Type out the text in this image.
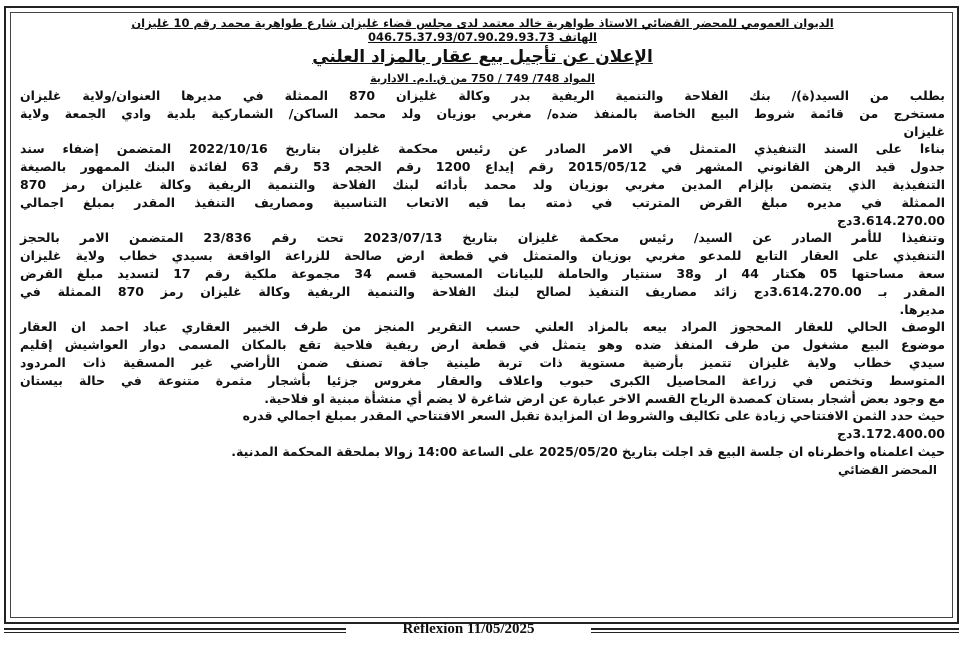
الديوان العمومي للمحضر القضائي الاستاذ طواهرية خالد معتمد لدى مجلس قضاء غليزان شارع طواهرية محمد رقم 10 غليزان

الهاتف 046.75.37.93/07.90.29.93.73

الإعلان عن تأجيل بيع عقار بالمزاد العلني

المواد 748/ 749 / 750 من ق.ا.م. الادارية

بطلب من السيد(ة)/ بنك الفلاحة والتنمية الريفية بدر وكالة غليزان 870 الممثلة في مديرها العنوان/ولاية غليزان

مستخرج من قائمة شروط البيع الخاصة بالمنفذ ضده/ مغربي بوزيان ولد محمد الساكن/ الشماركية بلدية وادي الجمعة ولاية

غليزان

بناءا على السند التنفيذي المتمثل في الامر الصادر عن رئيس محكمة غليزان بتاريخ 2022/10/16 المتضمن إضفاء سند

جدول قيد الرهن القانوني المشهر في 2015/05/12 رقم إيداع 1200 رقم الحجم 53 رقم 63 لفائدة البنك الممهور بالصيغة

التنفيذية الذي يتضمن بإلزام المدين مغربي بوزيان ولد محمد بأدائه لبنك الفلاحة والتنمية الريفية وكالة غليزان رمز 870

الممثلة في مديره مبلغ القرض المترتب في ذمته بما فيه الاتعاب التناسبية ومصاريف التنفيذ المقدر بمبلغ اجمالي

3.614.270.00دج

وتنفيذا للأمر الصادر عن السيد/ رئيس محكمة غليزان بتاريخ 2023/07/13 تحت رقم 23/836 المتضمن الامر بالحجز

التنفيذي على العقار التابع للمدعو مغربي بوزيان والمتمثل في قطعة ارض صالحة للزراعة الواقعة بسيدي خطاب ولاية غليزان

سعة مساحتها 05 هكتار 44 ار و38 سنتيار والحاملة للبيانات المسحية قسم 34 مجموعة ملكية رقم 17 لتسديد مبلغ القرض

المقدر بـ 3.614.270.00دج زائد مصاريف التنفيذ لصالح لبنك الفلاحة والتنمية الريفية وكالة غليزان رمز 870 الممثلة في

مديرها.

الوصف الحالي للعقار المحجوز المراد بيعه بالمزاد العلني حسب التقرير المنجز من طرف الخبير العقاري عباد احمد ان العقار

موضوع البيع مشغول من طرف المنفذ ضده وهو يتمثل في قطعة ارض ريفية فلاحية تقع بالمكان المسمى دوار العواشيش إقليم

سيدي خطاب ولاية غليزان تتميز بأرضية مستوية ذات تربة طينية جافة تصنف ضمن الأراضي غير المسقية ذات المردود

المتوسط وتختص في زراعة المحاصيل الكبرى حبوب واعلاف والعقار مغروس جزئيا بأشجار مثمرة متنوعة في حالة بيستان

مع وجود بعض أشجار بستان كمصدة الرياح القسم الاخر عبارة عن ارض شاغرة لا يضم أي منشأة مبنية او فلاحية.

حيث حدد الثمن الافتتاحي زيادة على تكاليف والشروط ان المزايدة تقبل السعر الافتتاحي المقدر بمبلغ اجمالي قدره

3.172.400.00دج

حيث اعلمناه واخطرناه ان جلسة البيع قد اجلت بتاريخ 2025/05/20 على الساعة 14:00 زوالا بملحقة المحكمة المدنية.

المحضر القضائي

Réflexion 11/05/2025
